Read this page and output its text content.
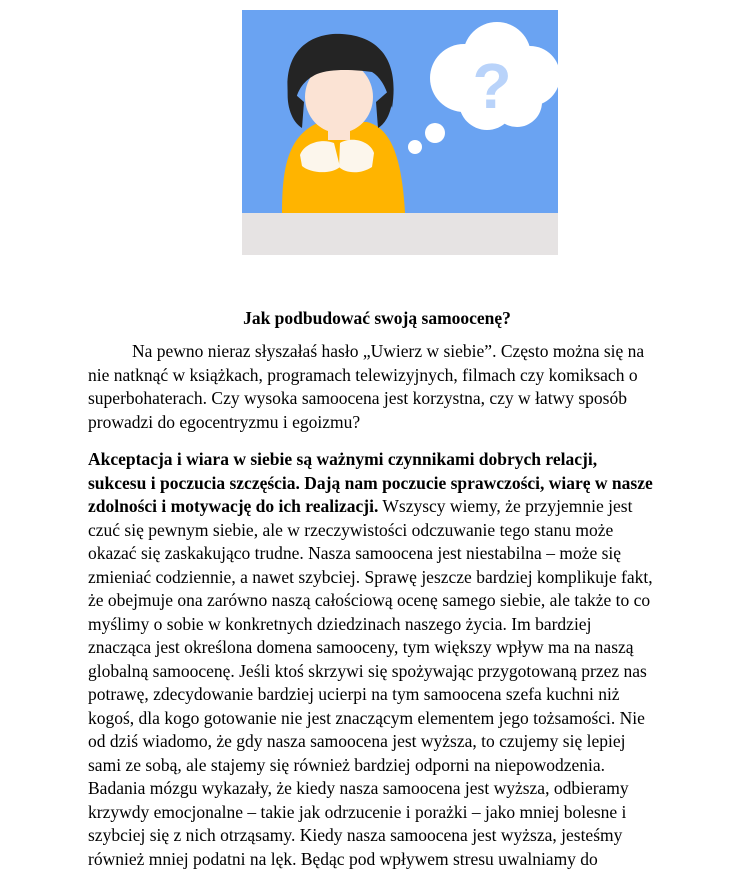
?
Jak podbudować swoją samoocenę?
Na pewno nieraz słyszałaś hasło „Uwierz w siebie”. Często można się na
nie natknąć w książkach, programach telewizyjnych, filmach czy komiksach o
superbohaterach. Czy wysoka samoocena jest korzystna, czy w łatwy sposób
prowadzi do egocentryzmu i egoizmu?
Akceptacja i wiara w siebie są ważnymi czynnikami dobrych relacji,
sukcesu i poczucia szczęścia. Dają nam poczucie sprawczości, wiarę w nasze
zdolności i motywację do ich realizacji. Wszyscy wiemy, że przyjemnie jest
czuć się pewnym siebie, ale w rzeczywistości odczuwanie tego stanu może
okazać się zaskakująco trudne. Nasza samoocena jest niestabilna – może się
zmieniać codziennie, a nawet szybciej. Sprawę jeszcze bardziej komplikuje fakt,
że obejmuje ona zarówno naszą całościową ocenę samego siebie, ale także to co
myślimy o sobie w konkretnych dziedzinach naszego życia. Im bardziej
znacząca jest określona domena samooceny, tym większy wpływ ma na naszą
globalną samoocenę. Jeśli ktoś skrzywi się spożywając przygotowaną przez nas
potrawę, zdecydowanie bardziej ucierpi na tym samoocena szefa kuchni niż
kogoś, dla kogo gotowanie nie jest znaczącym elementem jego tożsamości. Nie
od dziś wiadomo, że gdy nasza samoocena jest wyższa, to czujemy się lepiej
sami ze sobą, ale stajemy się również bardziej odporni na niepowodzenia.
Badania mózgu wykazały, że kiedy nasza samoocena jest wyższa, odbieramy
krzywdy emocjonalne – takie jak odrzucenie i porażki – jako mniej bolesne i
szybciej się z nich otrząsamy. Kiedy nasza samoocena jest wyższa, jesteśmy
również mniej podatni na lęk. Będąc pod wpływem stresu uwalniamy do
